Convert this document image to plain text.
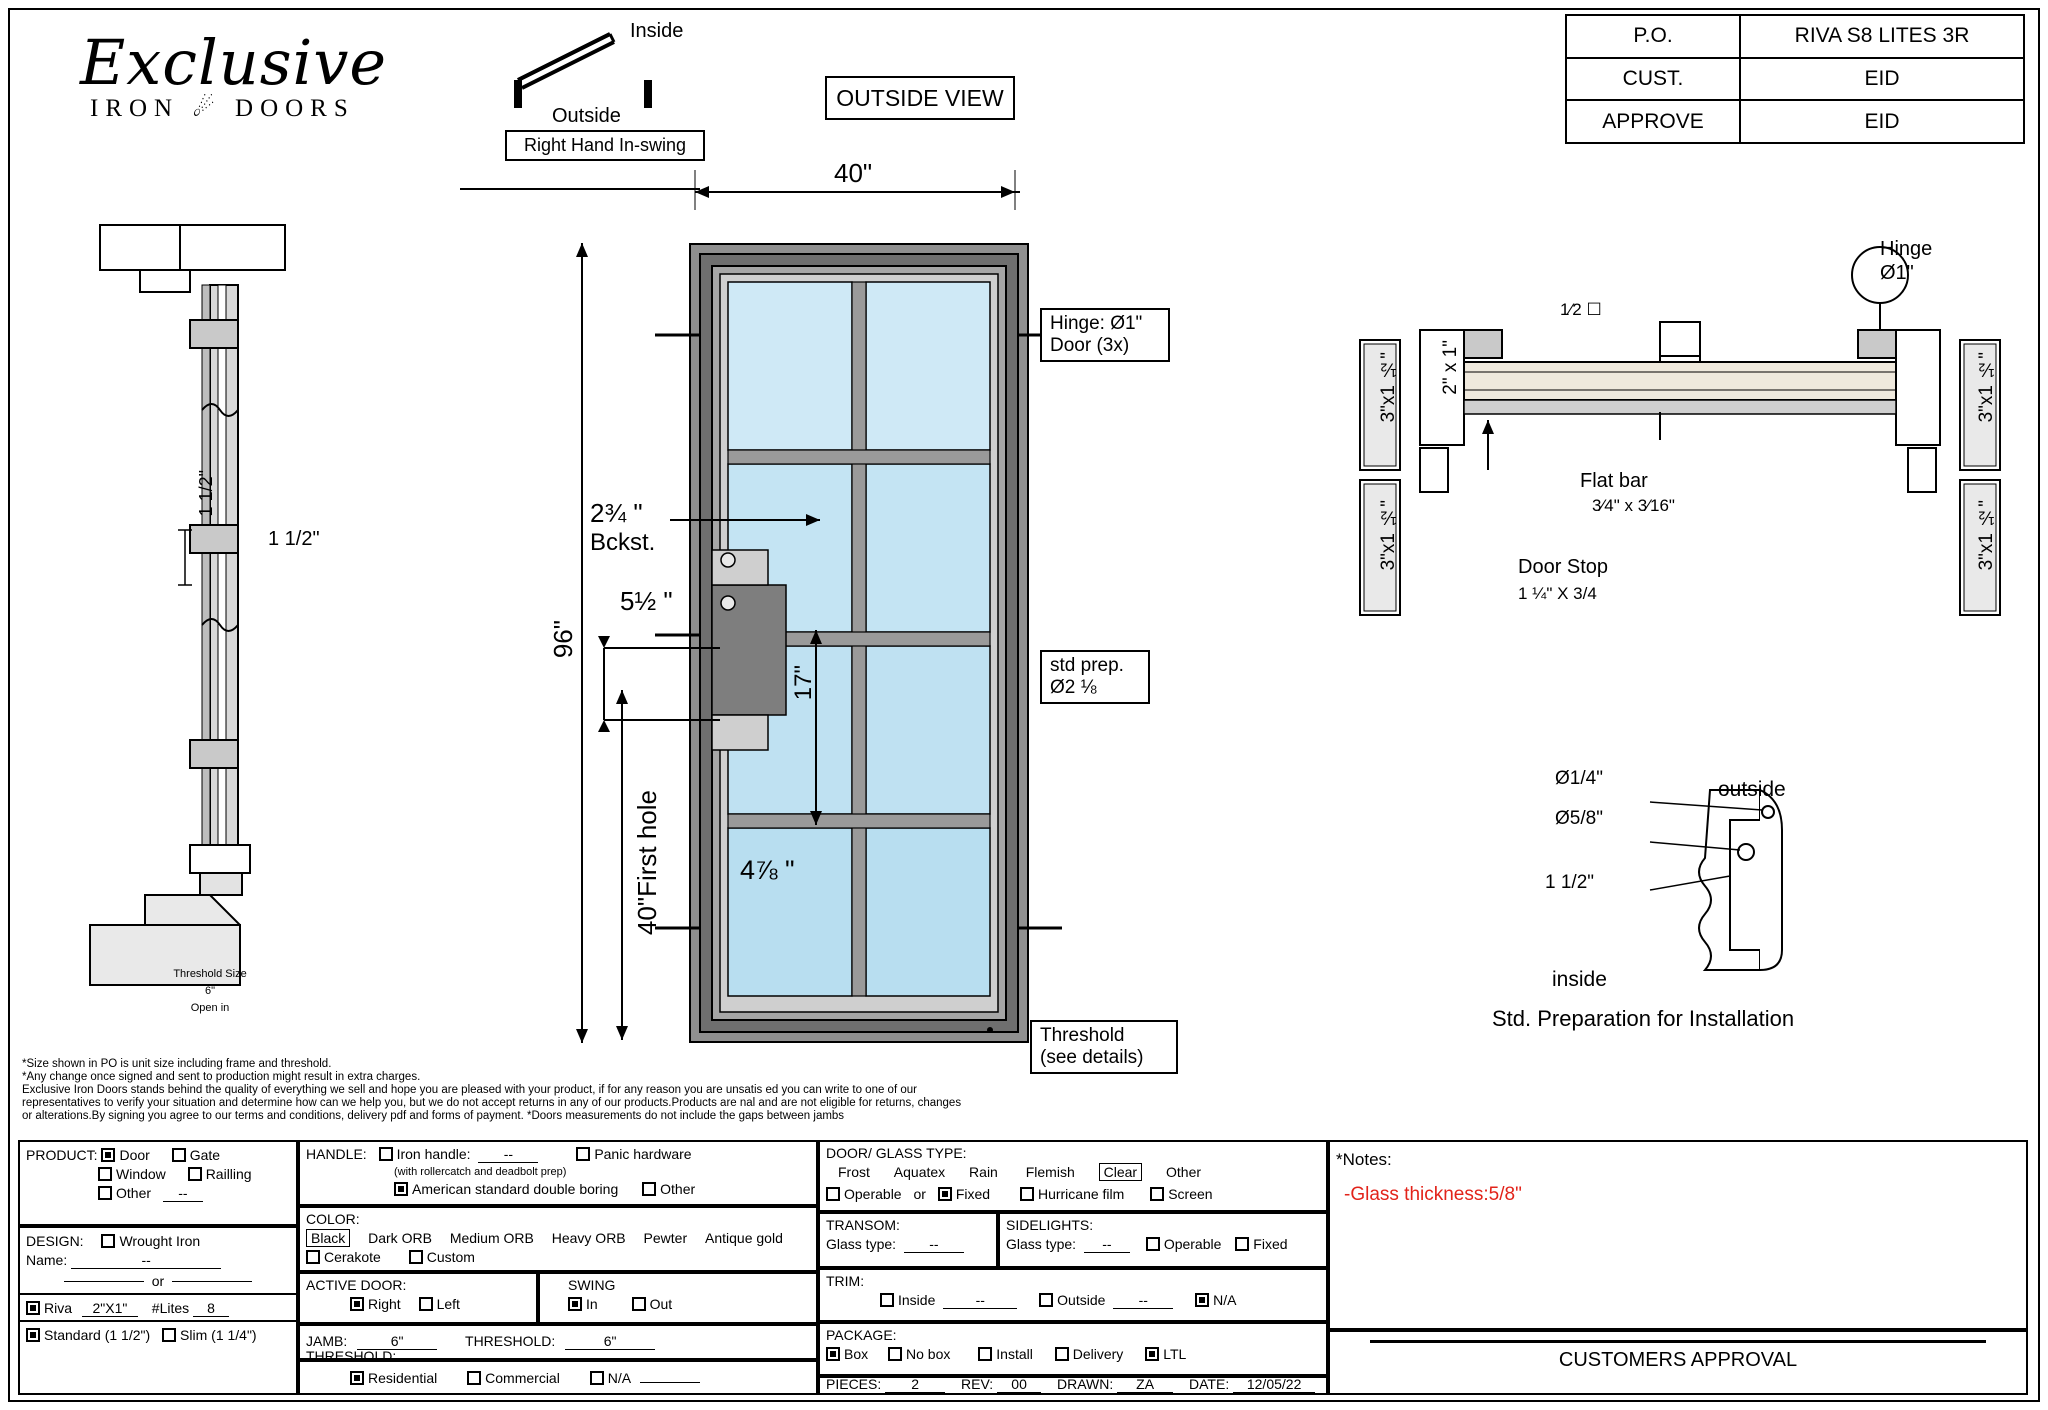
Exclusive
IRON ☄ DOORS
P.O.	RIVA S8 LITES 3R
CUST.	EID
APPROVE	EID
Inside
Outside
Right Hand In-swing
OUTSIDE VIEW
1 1/2"
1 1/2"
Threshold Size
6"
Open in
40"
96"
Hinge: Ø1"
Door (3x)
std prep.
Ø2 ⅛
Threshold
(see details)
2¾ "
Bckst.
5½ "
17"
40"First hole	4⅞ "
Hinge
Ø1"
1⁄2 ☐
3"x1 ½"
3"x1 ½"
3"x1 ½"
3"x1 ½"
2" x 1"
Flat bar
3⁄4" x 3⁄16"
Door Stop
1 ¼" X 3/4
Ø1/4"
Ø5/8"
1 1/2"
outside
inside
Std. Preparation for Installation
*Size shown in PO is unit size including frame and threshold.
*Any change once signed and sent to production might result in extra charges.
Exclusive Iron Doors stands behind the quality of everything we sell and hope you are pleased with your product, if for any reason you are unsatis ed you can write to one of our
representatives to verify your situation and determine how can we help you, but we do not accept returns in any of our products.Products are nal and are not eligible for returns, changes
or alterations.By signing you agree to our terms and conditions, delivery pdf and forms of payment. *Doors measurements do not include the gaps between jambs
PRODUCT: Door	Gate
Window	Railling
Other --
DESIGN:	Wrought Iron
Name:	--
or
Riva 2"X1" #Lites 8
Standard (1 1/2") Slim (1 1/4")
HANDLE: Iron handle: --	Panic hardware
(with rollercatch and deadbolt prep)
American standard double boring	Other
COLOR:
Black Dark ORB Medium ORB Heavy ORB Pewter Antique gold
Cerakote	Custom
ACTIVE DOOR:
Right	Left
SWING
In	Out
JAMB:	6"	THRESHOLD:	6"
THRESHOLD:
Residential	Commercial	N/A
DOOR/ GLASS TYPE:
Frost Aquatex Rain Flemish Clear Other
Operable or Fixed	Hurricane film	Screen
TRANSOM:
Glass type: --
SIDELIGHTS:
Glass type: --	Operable Fixed
TRIM:
Inside	--	Outside --	N/A
PACKAGE:
Box	No box	Install	Delivery	LTL
PIECES: 2	REV: 00 DRAWN: ZA DATE: 12/05/22
*Notes:
-Glass thickness:5/8"
CUSTOMERS APPROVAL
